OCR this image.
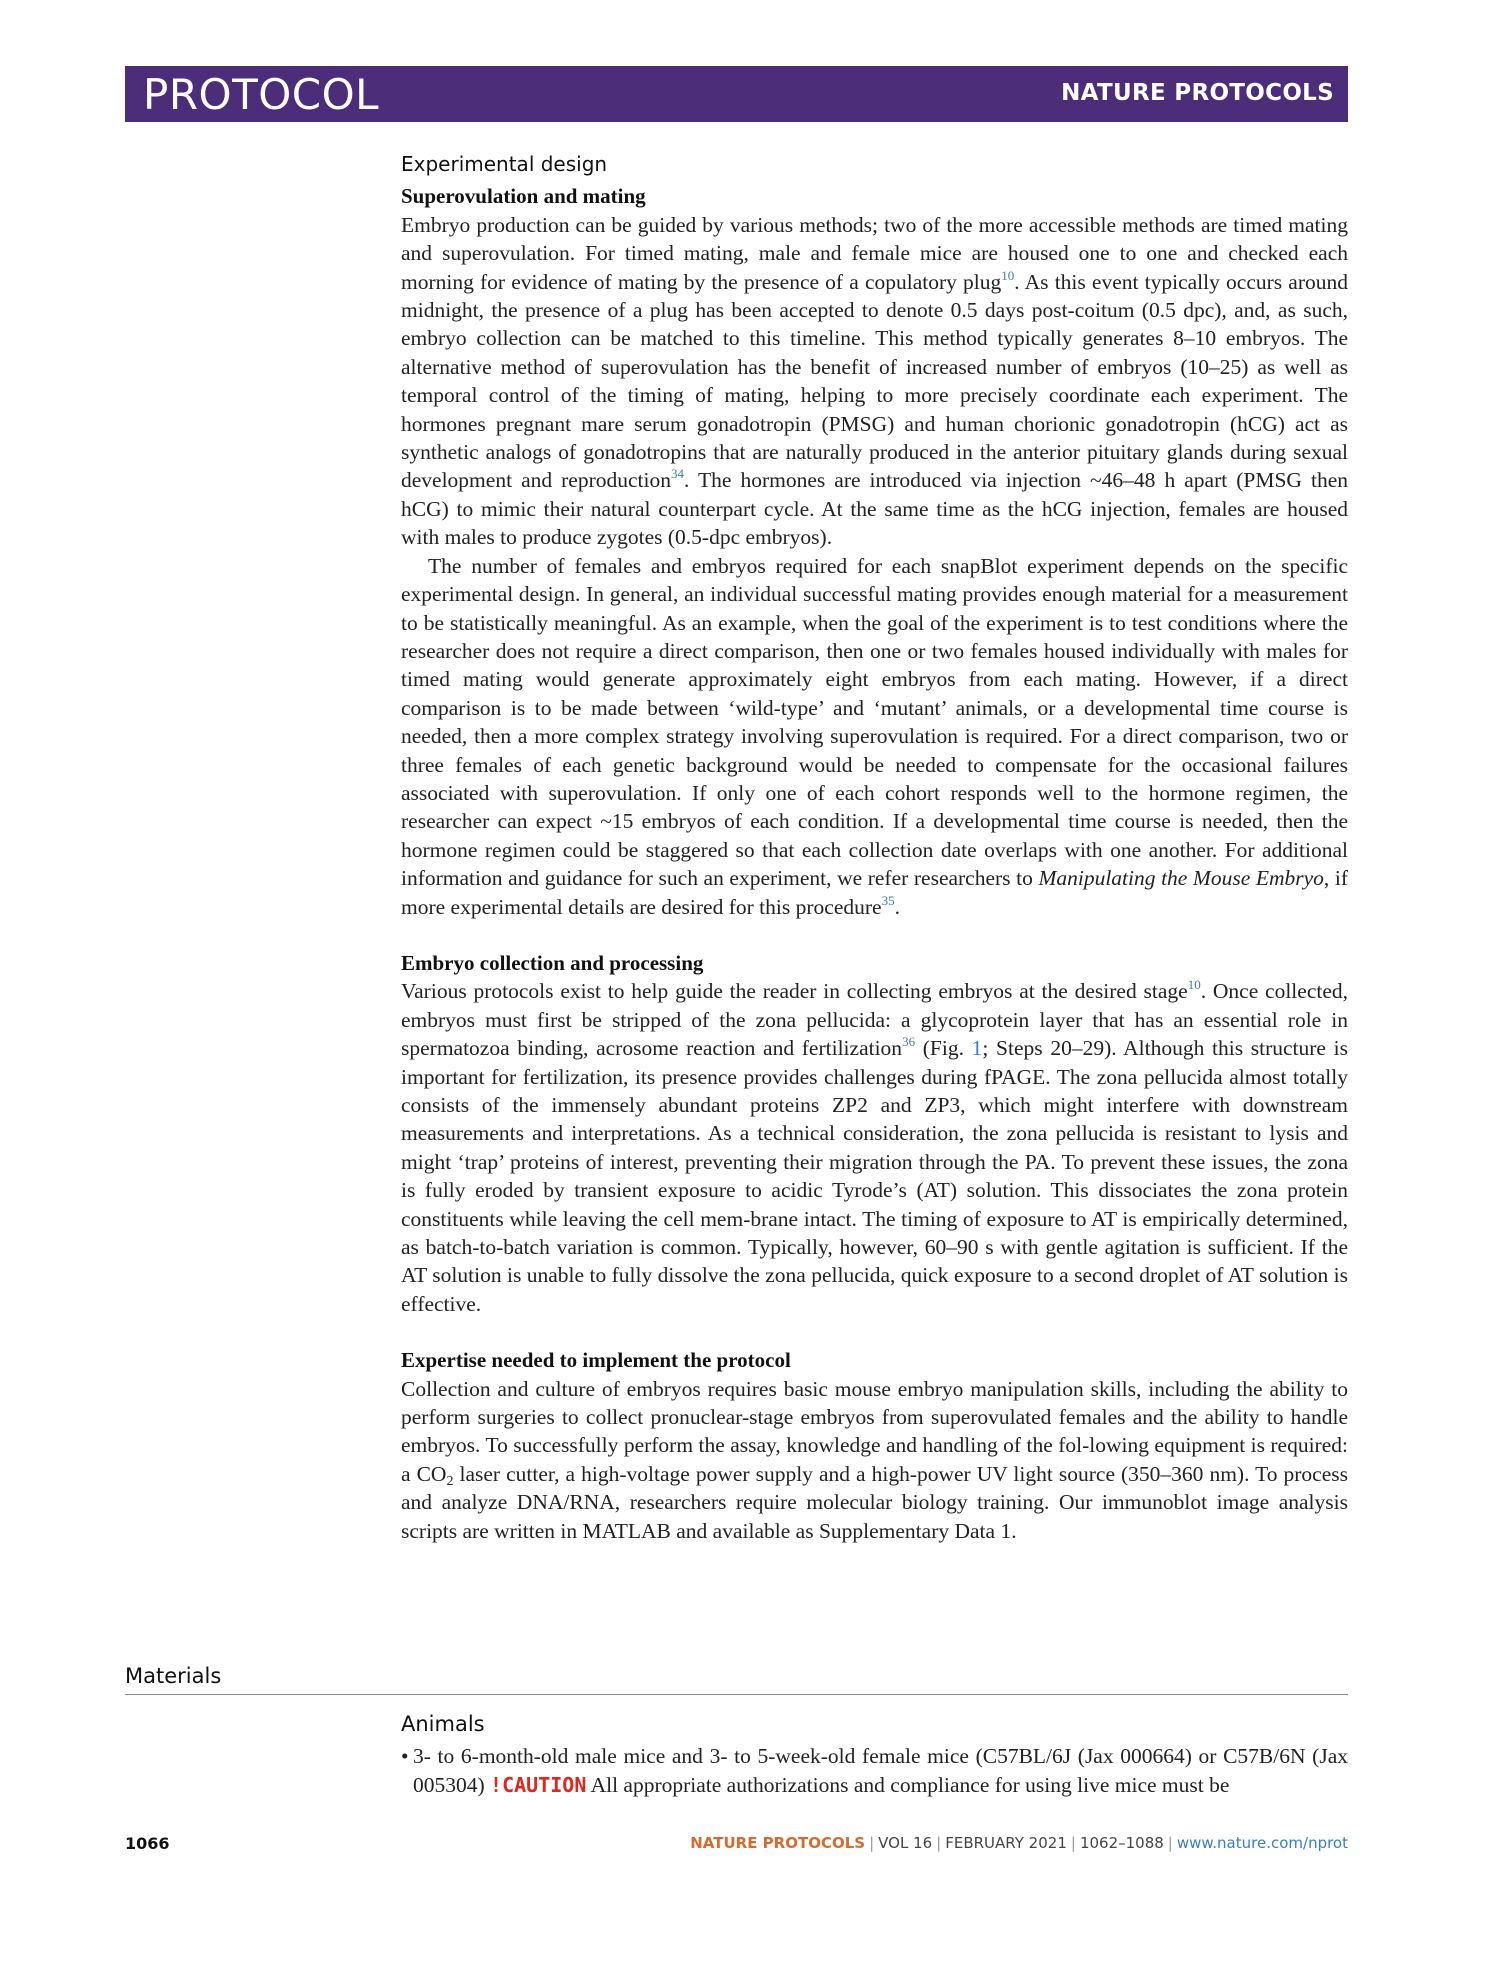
PROTOCOL	NATURE PROTOCOLS
Experimental design
Superovulation and mating

Embryo production can be guided by various methods; two of the more accessible methods are timed mating and superovulation. For timed mating, male and female mice are housed one to one and checked each morning for evidence of mating by the presence of a copulatory plug$^{10}$. As this event typically occurs around midnight, the presence of a plug has been accepted to denote 0.5 days post-coitum (0.5 dpc), and, as such, embryo collection can be matched to this timeline. This method typically generates 8–10 embryos. The alternative method of superovulation has the benefit of increased number of embryos (10–25) as well as temporal control of the timing of mating, helping to more precisely coordinate each experiment. The hormones pregnant mare serum gonadotropin (PMSG) and human chorionic gonadotropin (hCG) act as synthetic analogs of gonadotropins that are naturally produced in the anterior pituitary glands during sexual development and reproduction$^{34}$. The hormones are introduced via injection ~46–48 h apart (PMSG then hCG) to mimic their natural counterpart cycle. At the same time as the hCG injection, females are housed with males to produce zygotes (0.5-dpc embryos).

The number of females and embryos required for each snapBlot experiment depends on the specific experimental design. In general, an individual successful mating provides enough material for a measurement to be statistically meaningful. As an example, when the goal of the experiment is to test conditions where the researcher does not require a direct comparison, then one or two females housed individually with males for timed mating would generate approximately eight embryos from each mating. However, if a direct comparison is to be made between ‘wild-type’ and ‘mutant’ animals, or a developmental time course is needed, then a more complex strategy involving superovulation is required. For a direct comparison, two or three females of each genetic background would be needed to compensate for the occasional failures associated with superovulation. If only one of each cohort responds well to the hormone regimen, the researcher can expect ~15 embryos of each condition. If a developmental time course is needed, then the hormone regimen could be staggered so that each collection date overlaps with one another. For additional information and guidance for such an experiment, we refer researchers to Manipulating the Mouse Embryo, if more experimental details are desired for this procedure$^{35}$.

Embryo collection and processing

Various protocols exist to help guide the reader in collecting embryos at the desired stage$^{10}$. Once collected, embryos must first be stripped of the zona pellucida: a glycoprotein layer that has an essential role in spermatozoa binding, acrosome reaction and fertilization$^{36}$ (Fig. 1; Steps 20–29). Although this structure is important for fertilization, its presence provides challenges during fPAGE. The zona pellucida almost totally consists of the immensely abundant proteins ZP2 and ZP3, which might interfere with downstream measurements and interpretations. As a technical consideration, the zona pellucida is resistant to lysis and might ‘trap’ proteins of interest, preventing their migration through the PA. To prevent these issues, the zona is fully eroded by transient exposure to acidic Tyrode’s (AT) solution. This dissociates the zona protein constituents while leaving the cell mem-brane intact. The timing of exposure to AT is empirically determined, as batch-to-batch variation is common. Typically, however, 60–90 s with gentle agitation is sufficient. If the AT solution is unable to fully dissolve the zona pellucida, quick exposure to a second droplet of AT solution is effective.

Expertise needed to implement the protocol

Collection and culture of embryos requires basic mouse embryo manipulation skills, including the ability to perform surgeries to collect pronuclear-stage embryos from superovulated females and the ability to handle embryos. To successfully perform the assay, knowledge and handling of the fol-lowing equipment is required: a $CO_2$ laser cutter, a high-voltage power supply and a high-power UV light source (350–360 nm). To process and analyze DNA/RNA, researchers require molecular biology training. Our immunoblot image analysis scripts are written in MATLAB and available as Supplementary Data 1.

Materials
Animals
• 3- to 6-month-old male mice and 3- to 5-week-old female mice (C57BL/6J (Jax 000664) or C57B/6N (Jax 005304) !CAUTION All appropriate authorizations and compliance for using live mice must be
1066	NATURE PROTOCOLS | VOL 16 | FEBRUARY 2021 | 1062–1088 | www.nature.com/nprot
